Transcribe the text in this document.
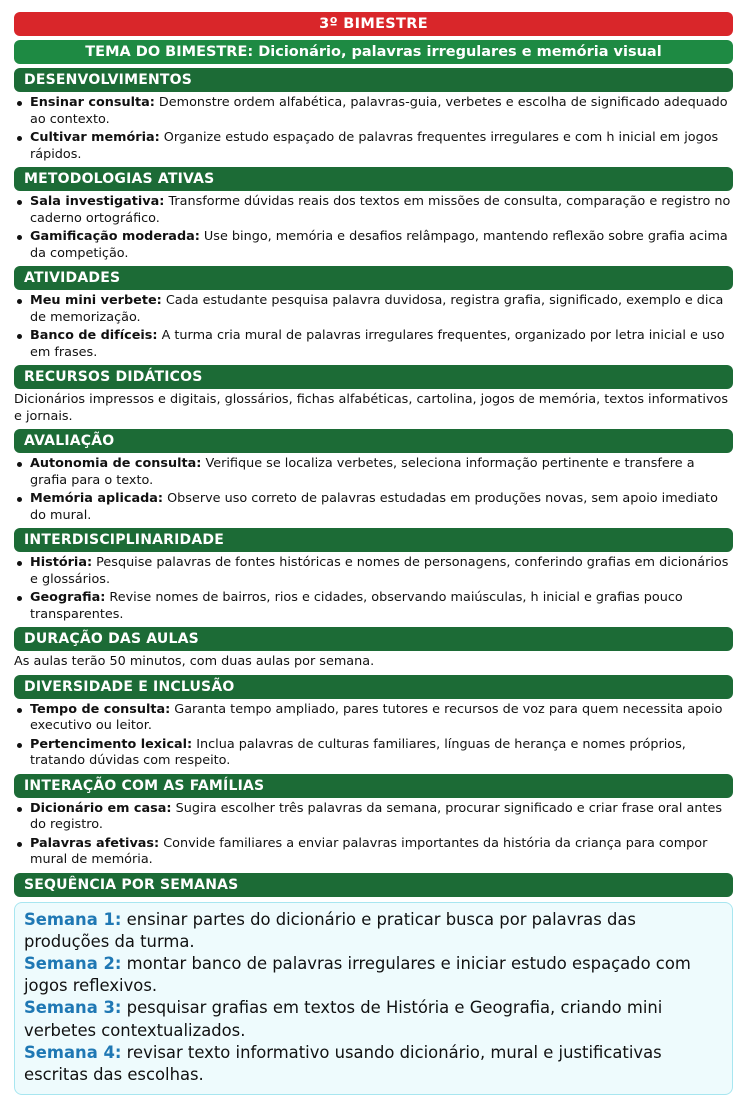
3º BIMESTRE
TEMA DO BIMESTRE: Dicionário, palavras irregulares e memória visual
DESENVOLVIMENTOS
Ensinar consulta: Demonstre ordem alfabética, palavras-guia, verbetes e escolha de significado adequado ao contexto.
Cultivar memória: Organize estudo espaçado de palavras frequentes irregulares e com h inicial em jogos rápidos.
METODOLOGIAS ATIVAS
Sala investigativa: Transforme dúvidas reais dos textos em missões de consulta, comparação e registro no caderno ortográfico.
Gamificação moderada: Use bingo, memória e desafios relâmpago, mantendo reflexão sobre grafia acima da competição.
ATIVIDADES
Meu mini verbete: Cada estudante pesquisa palavra duvidosa, registra grafia, significado, exemplo e dica de memorização.
Banco de difíceis: A turma cria mural de palavras irregulares frequentes, organizado por letra inicial e uso em frases.
RECURSOS DIDÁTICOS

Dicionários impressos e digitais, glossários, fichas alfabéticas, cartolina, jogos de memória, textos informativos e jornais.

AVALIAÇÃO
Autonomia de consulta: Verifique se localiza verbetes, seleciona informação pertinente e transfere a grafia para o texto.
Memória aplicada: Observe uso correto de palavras estudadas em produções novas, sem apoio imediato do mural.
INTERDISCIPLINARIDADE
História: Pesquise palavras de fontes históricas e nomes de personagens, conferindo grafias em dicionários e glossários.
Geografia: Revise nomes de bairros, rios e cidades, observando maiúsculas, h inicial e grafias pouco transparentes.
DURAÇÃO DAS AULAS

As aulas terão 50 minutos, com duas aulas por semana.

DIVERSIDADE E INCLUSÃO
Tempo de consulta: Garanta tempo ampliado, pares tutores e recursos de voz para quem necessita apoio executivo ou leitor.
Pertencimento lexical: Inclua palavras de culturas familiares, línguas de herança e nomes próprios, tratando dúvidas com respeito.
INTERAÇÃO COM AS FAMÍLIAS
Dicionário em casa: Sugira escolher três palavras da semana, procurar significado e criar frase oral antes do registro.
Palavras afetivas: Convide familiares a enviar palavras importantes da história da criança para compor mural de memória.
SEQUÊNCIA POR SEMANAS
Semana 1: ensinar partes do dicionário e praticar busca por palavras das produções da turma.
Semana 2: montar banco de palavras irregulares e iniciar estudo espaçado com jogos reflexivos.
Semana 3: pesquisar grafias em textos de História e Geografia, criando mini verbetes contextualizados.
Semana 4: revisar texto informativo usando dicionário, mural e justificativas escritas das escolhas.
